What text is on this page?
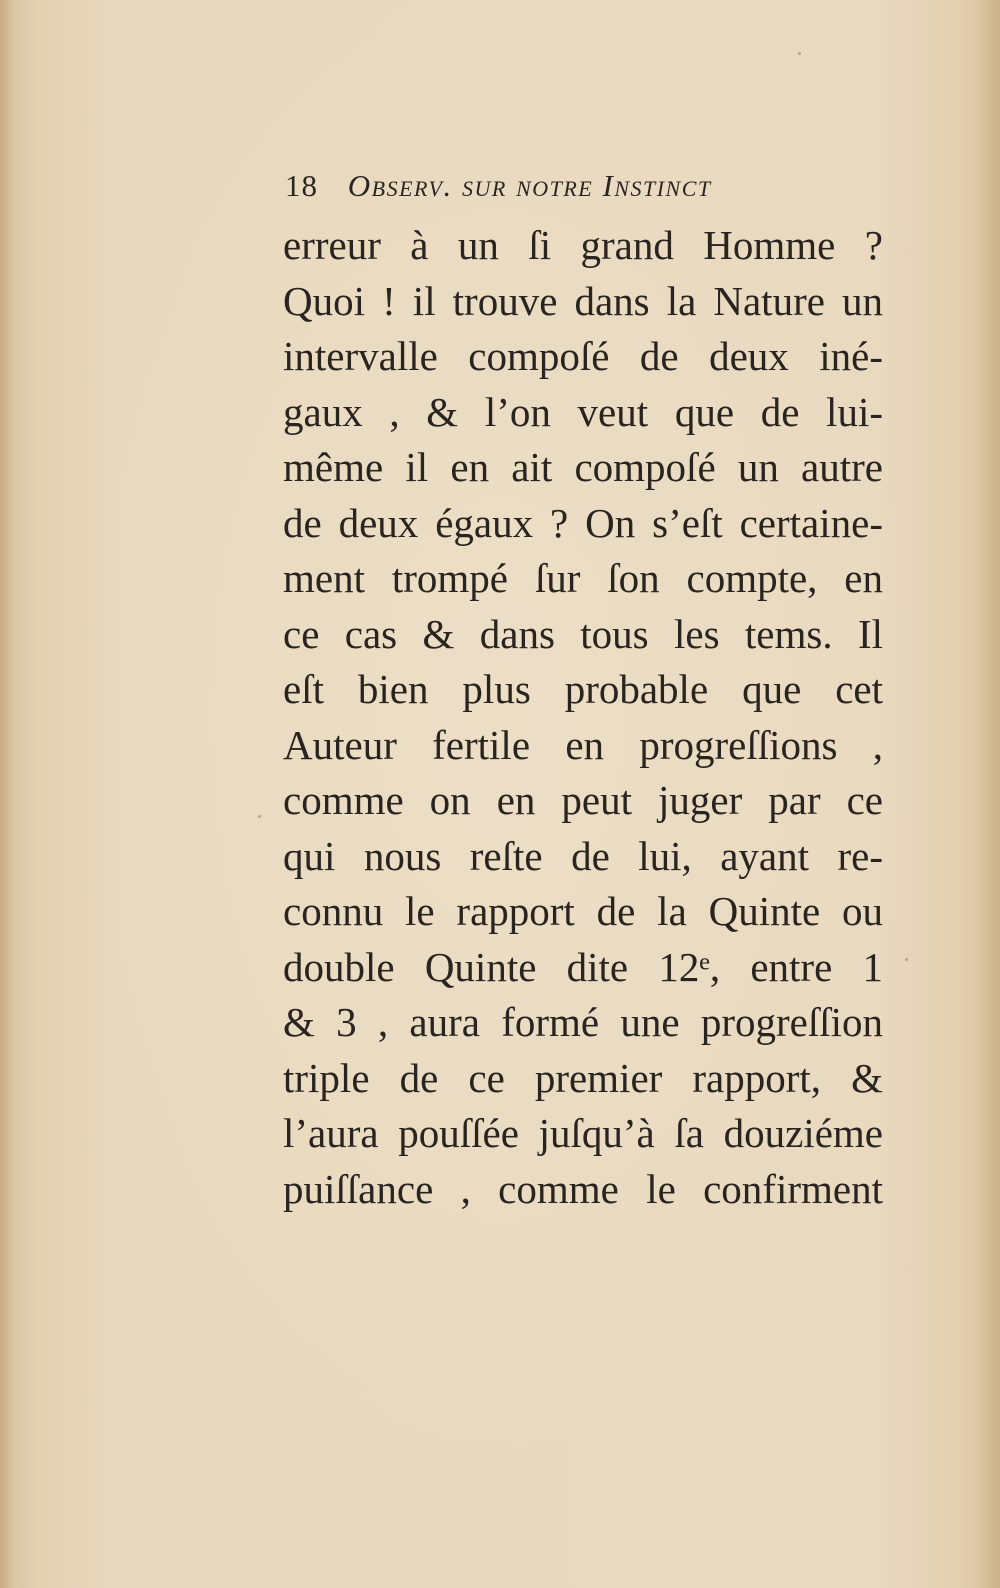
18 Observ. sur notre Instinct
erreur à un ſi grand Homme ?
Quoi ! il trouve dans la Nature un
intervalle compoſé de deux iné-
gaux , & l’on veut que de lui-
même il en ait compoſé un autre
de deux égaux ? On s’eſt certaine-
ment trompé ſur ſon compte, en
ce cas & dans tous les tems. Il
eſt bien plus probable que cet
Auteur fertile en progreſſions ,
comme on en peut juger par ce
qui nous reſte de lui, ayant re-
connu le rapport de la Quinte ou
double Quinte dite 12ᵉ, entre 1
& 3 , aura formé une progreſſion
triple de ce premier rapport, &
l’aura pouſſée juſqu’à ſa douziéme
puiſſance , comme le confirment
